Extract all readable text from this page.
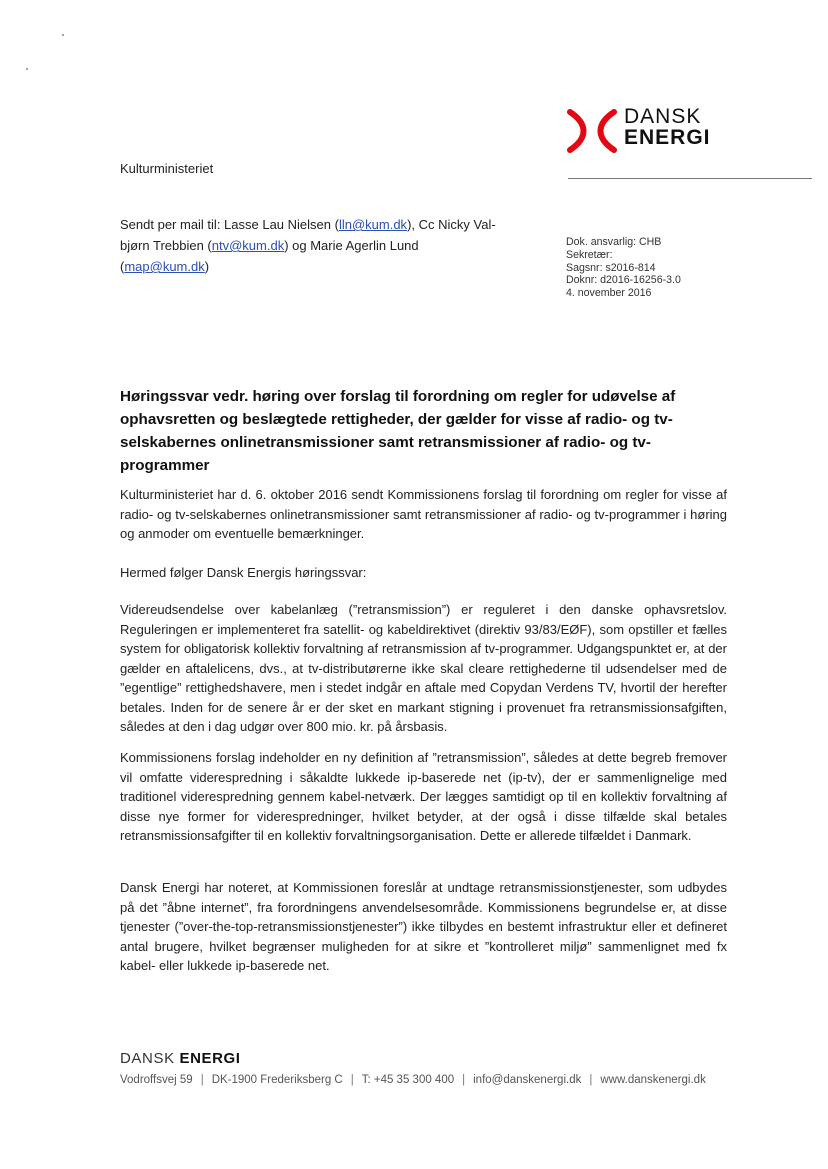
DANSK
ENERGI
Kulturministeriet
Sendt per mail til: Lasse Lau Nielsen (lln@kum.dk), Cc Nicky Val-
bjørn Trebbien (ntv@kum.dk) og Marie Agerlin Lund
(map@kum.dk)
Dok. ansvarlig: CHB
Sekretær:
Sagsnr: s2016-814
Doknr: d2016-16256-3.0
4. november 2016
Høringssvar vedr. høring over forslag til forordning om regler for udøvelse af ophavsretten og beslægtede rettigheder, der gælder for visse af radio- og tv-selskabernes onlinetransmissioner samt retransmissioner af radio- og tv-programmer
Kulturministeriet har d. 6. oktober 2016 sendt Kommissionens forslag til forordning om regler for visse af radio- og tv-selskabernes onlinetransmissioner samt retransmissioner af radio- og tv-programmer i høring og anmoder om eventuelle bemærkninger.
Hermed følger Dansk Energis høringssvar:
Videreudsendelse over kabelanlæg (”retransmission”) er reguleret i den danske ophavsretslov. Reguleringen er implementeret fra satellit- og kabeldirektivet (direktiv 93/83/EØF), som opstiller et fælles system for obligatorisk kollektiv forvaltning af retransmission af tv-programmer. Udgangspunktet er, at der gælder en aftalelicens, dvs., at tv-distributørerne ikke skal cleare rettighederne til udsendelser med de ”egentlige” rettighedshavere, men i stedet indgår en aftale med Copydan Verdens TV, hvortil der herefter betales. Inden for de senere år er der sket en markant stigning i provenuet fra retransmissionsafgiften, således at den i dag udgør over 800 mio. kr. på årsbasis.
Kommissionens forslag indeholder en ny definition af ”retransmission”, således at dette begreb fremover vil omfatte viderespredning i såkaldte lukkede ip-baserede net (ip-tv), der er sammenlignelige med traditionel viderespredning gennem kabel-netværk. Der lægges samtidigt op til en kollektiv forvaltning af disse nye former for viderespredninger, hvilket betyder, at der også i disse tilfælde skal betales retransmissionsafgifter til en kollektiv forvaltningsorganisation. Dette er allerede tilfældet i Danmark.
Dansk Energi har noteret, at Kommissionen foreslår at undtage retransmissionstjenester, som udbydes på det ”åbne internet”, fra forordningens anvendelsesområde. Kommissionens begrundelse er, at disse tjenester (”over-the-top-retransmissionstjenester”) ikke tilbydes en bestemt infrastruktur eller et defineret antal brugere, hvilket begrænser muligheden for at sikre et ”kontrolleret miljø” sammenlignet med fx kabel- eller lukkede ip-baserede net.
DANSK ENERGI
Vodroffsvej 59 | DK-1900 Frederiksberg C | T: +45 35 300 400 | info@danskenergi.dk | www.danskenergi.dk
